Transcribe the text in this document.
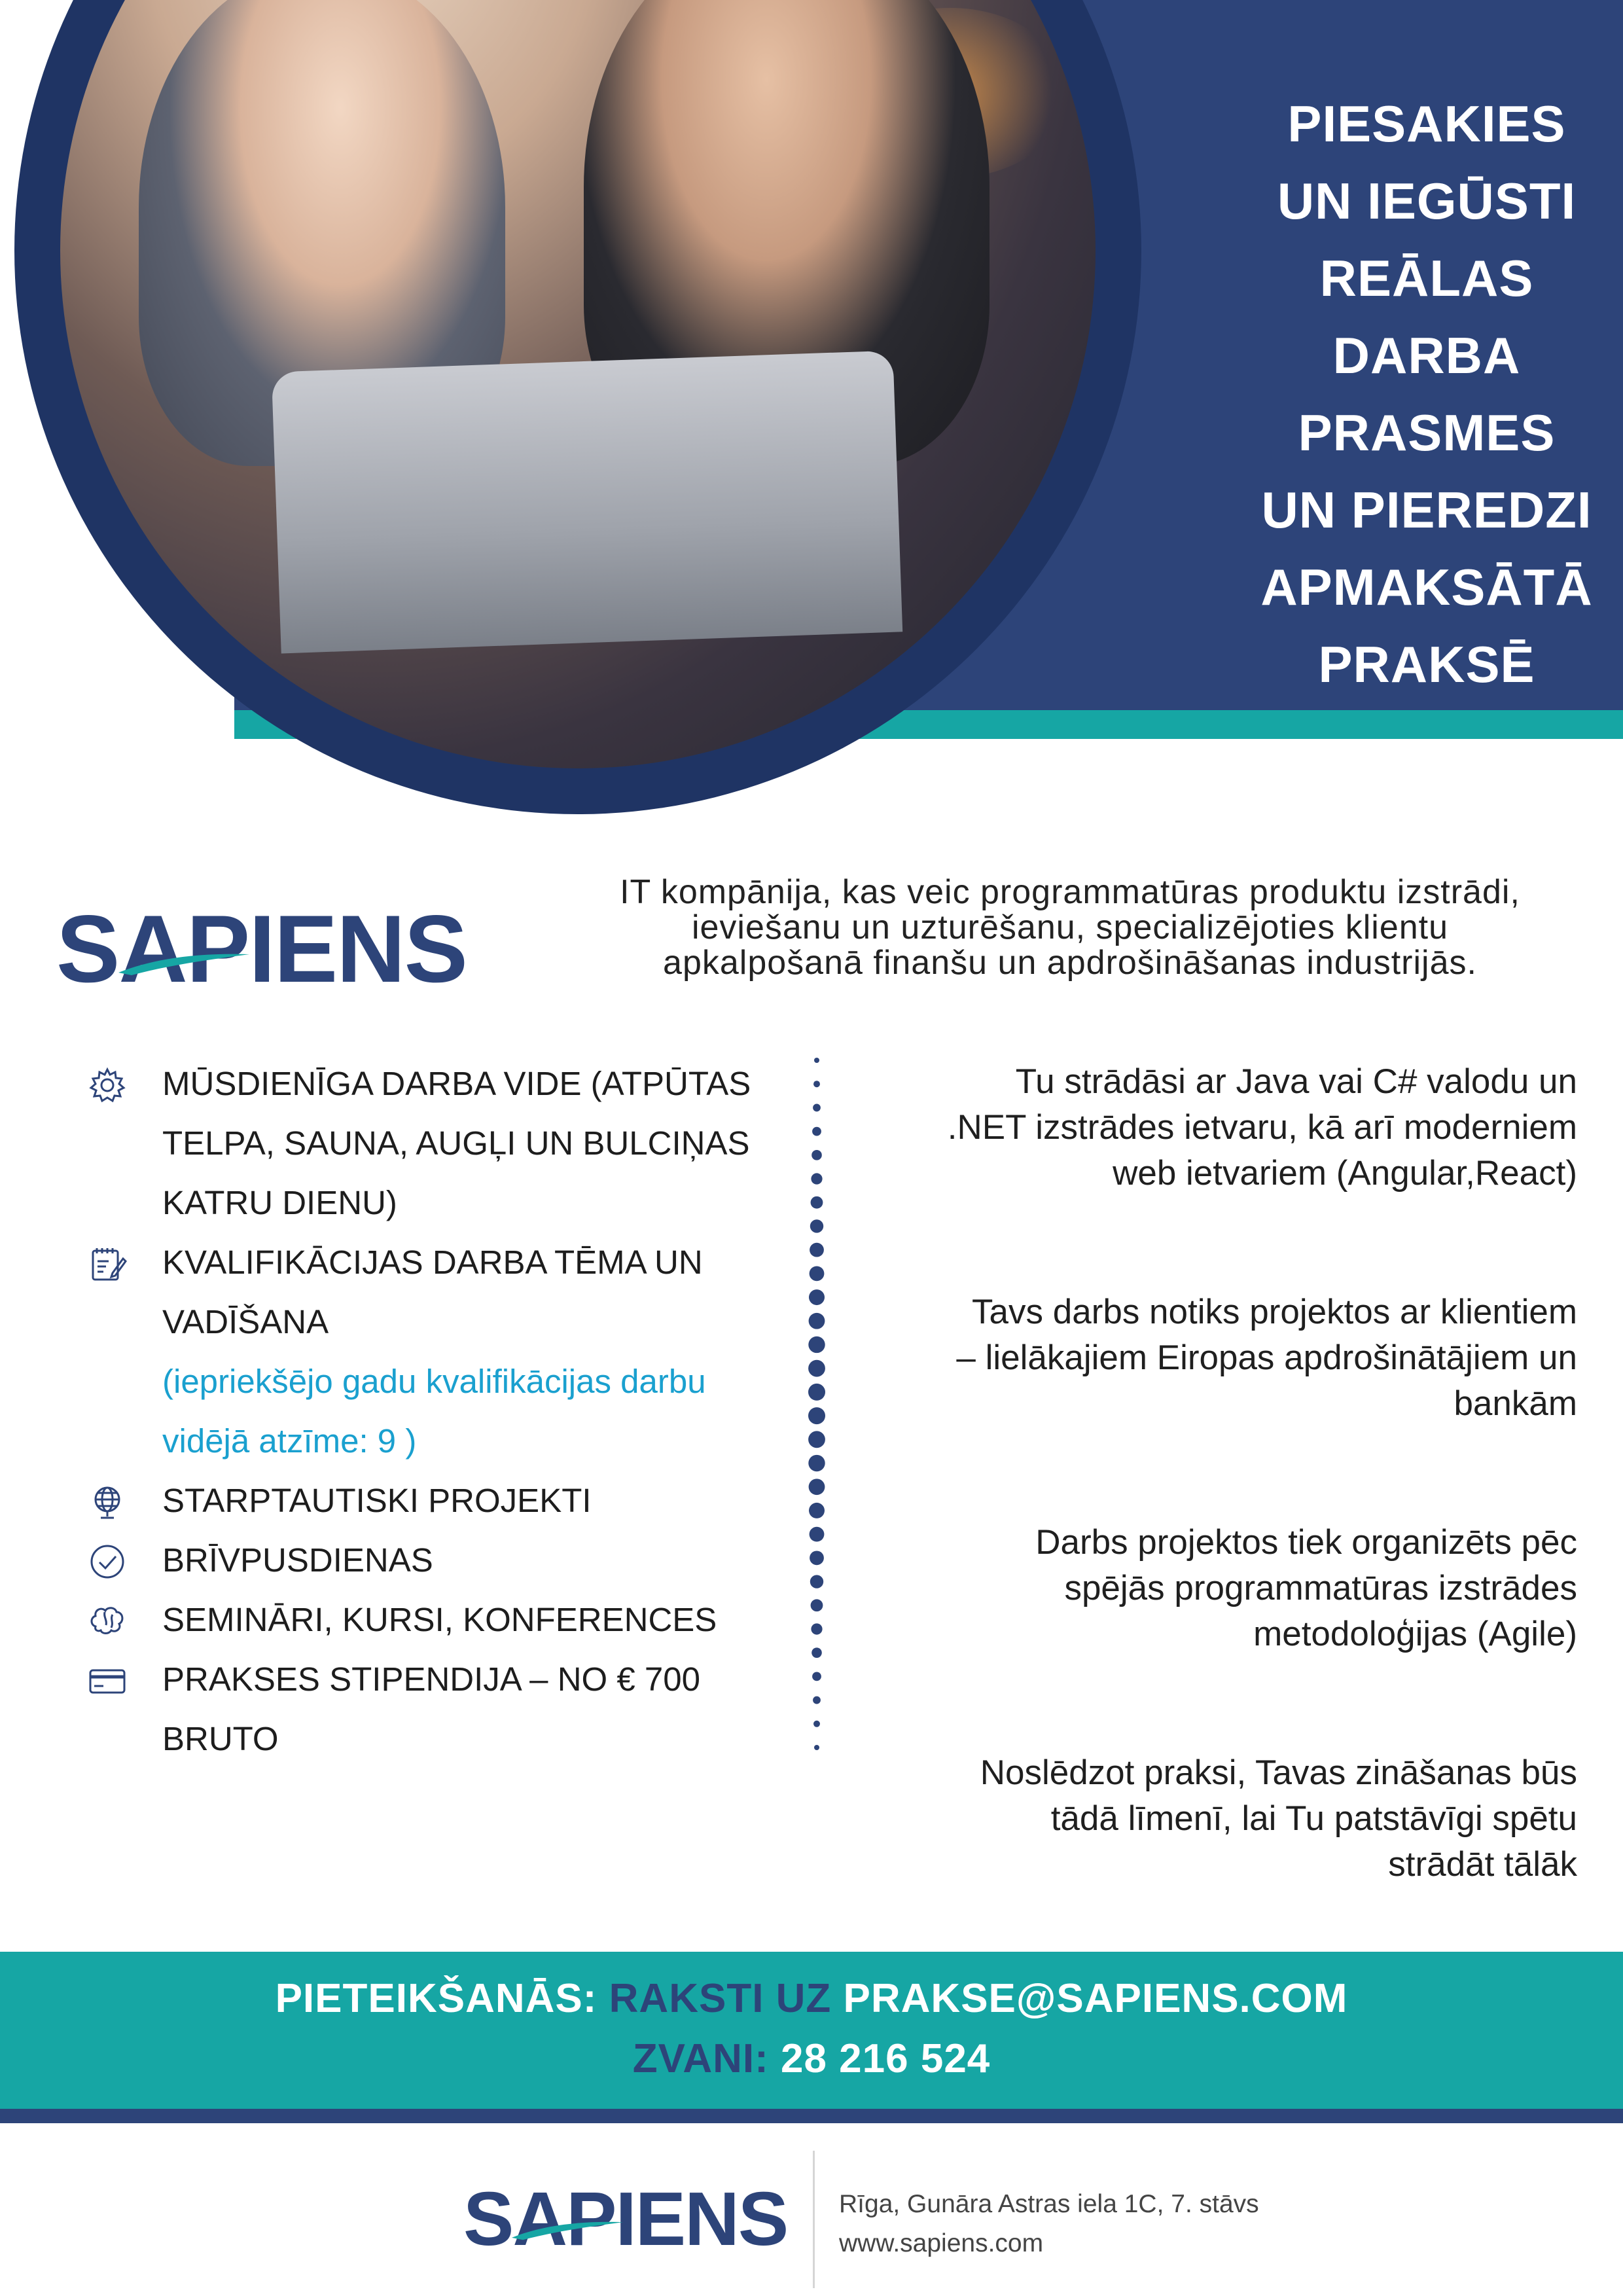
PIESAKIES
UN IEGŪSTI
REĀLAS
DARBA
PRASMES
UN PIEREDZI
APMAKSĀTĀ
PRAKSĒ
SAPIENS
IT kompānija, kas veic programmatūras produktu izstrādi,
ieviešanu un uzturēšanu, specializējoties klientu
apkalpošanā finanšu un apdrošināšanas industrijās.
MŪSDIENĪGA DARBA VIDE (ATPŪTAS
TELPA, SAUNA, AUGĻI UN BULCIŅAS
KATRU DIENU)
KVALIFIKĀCIJAS DARBA TĒMA UN
VADĪŠANA
(iepriekšējo gadu kvalifikācijas darbu
vidējā atzīme: 9 )
STARPTAUTISKI PROJEKTI
BRĪVPUSDIENAS
SEMINĀRI, KURSI, KONFERENCES
PRAKSES STIPENDIJA – NO € 700
BRUTO

Tu strādāsi ar Java vai C# valodu un
.NET izstrādes ietvaru, kā arī moderniem
web ietvariem (Angular,React)

Tavs darbs notiks projektos ar klientiem
– lielākajiem Eiropas apdrošinātājiem un
bankām

Darbs projektos tiek organizēts pēc
spējās programmatūras izstrādes
metodoloģijas (Agile)

Noslēdzot praksi, Tavas zināšanas būs
tādā līmenī, lai Tu patstāvīgi spētu
strādāt tālāk

PIETEIKŠANĀS: RAKSTI UZ PRAKSE@SAPIENS.COM
ZVANI: 28 216 524
SAPIENS Rīga, Gunāra Astras iela 1C, 7. stāvs
www.sapiens.com
